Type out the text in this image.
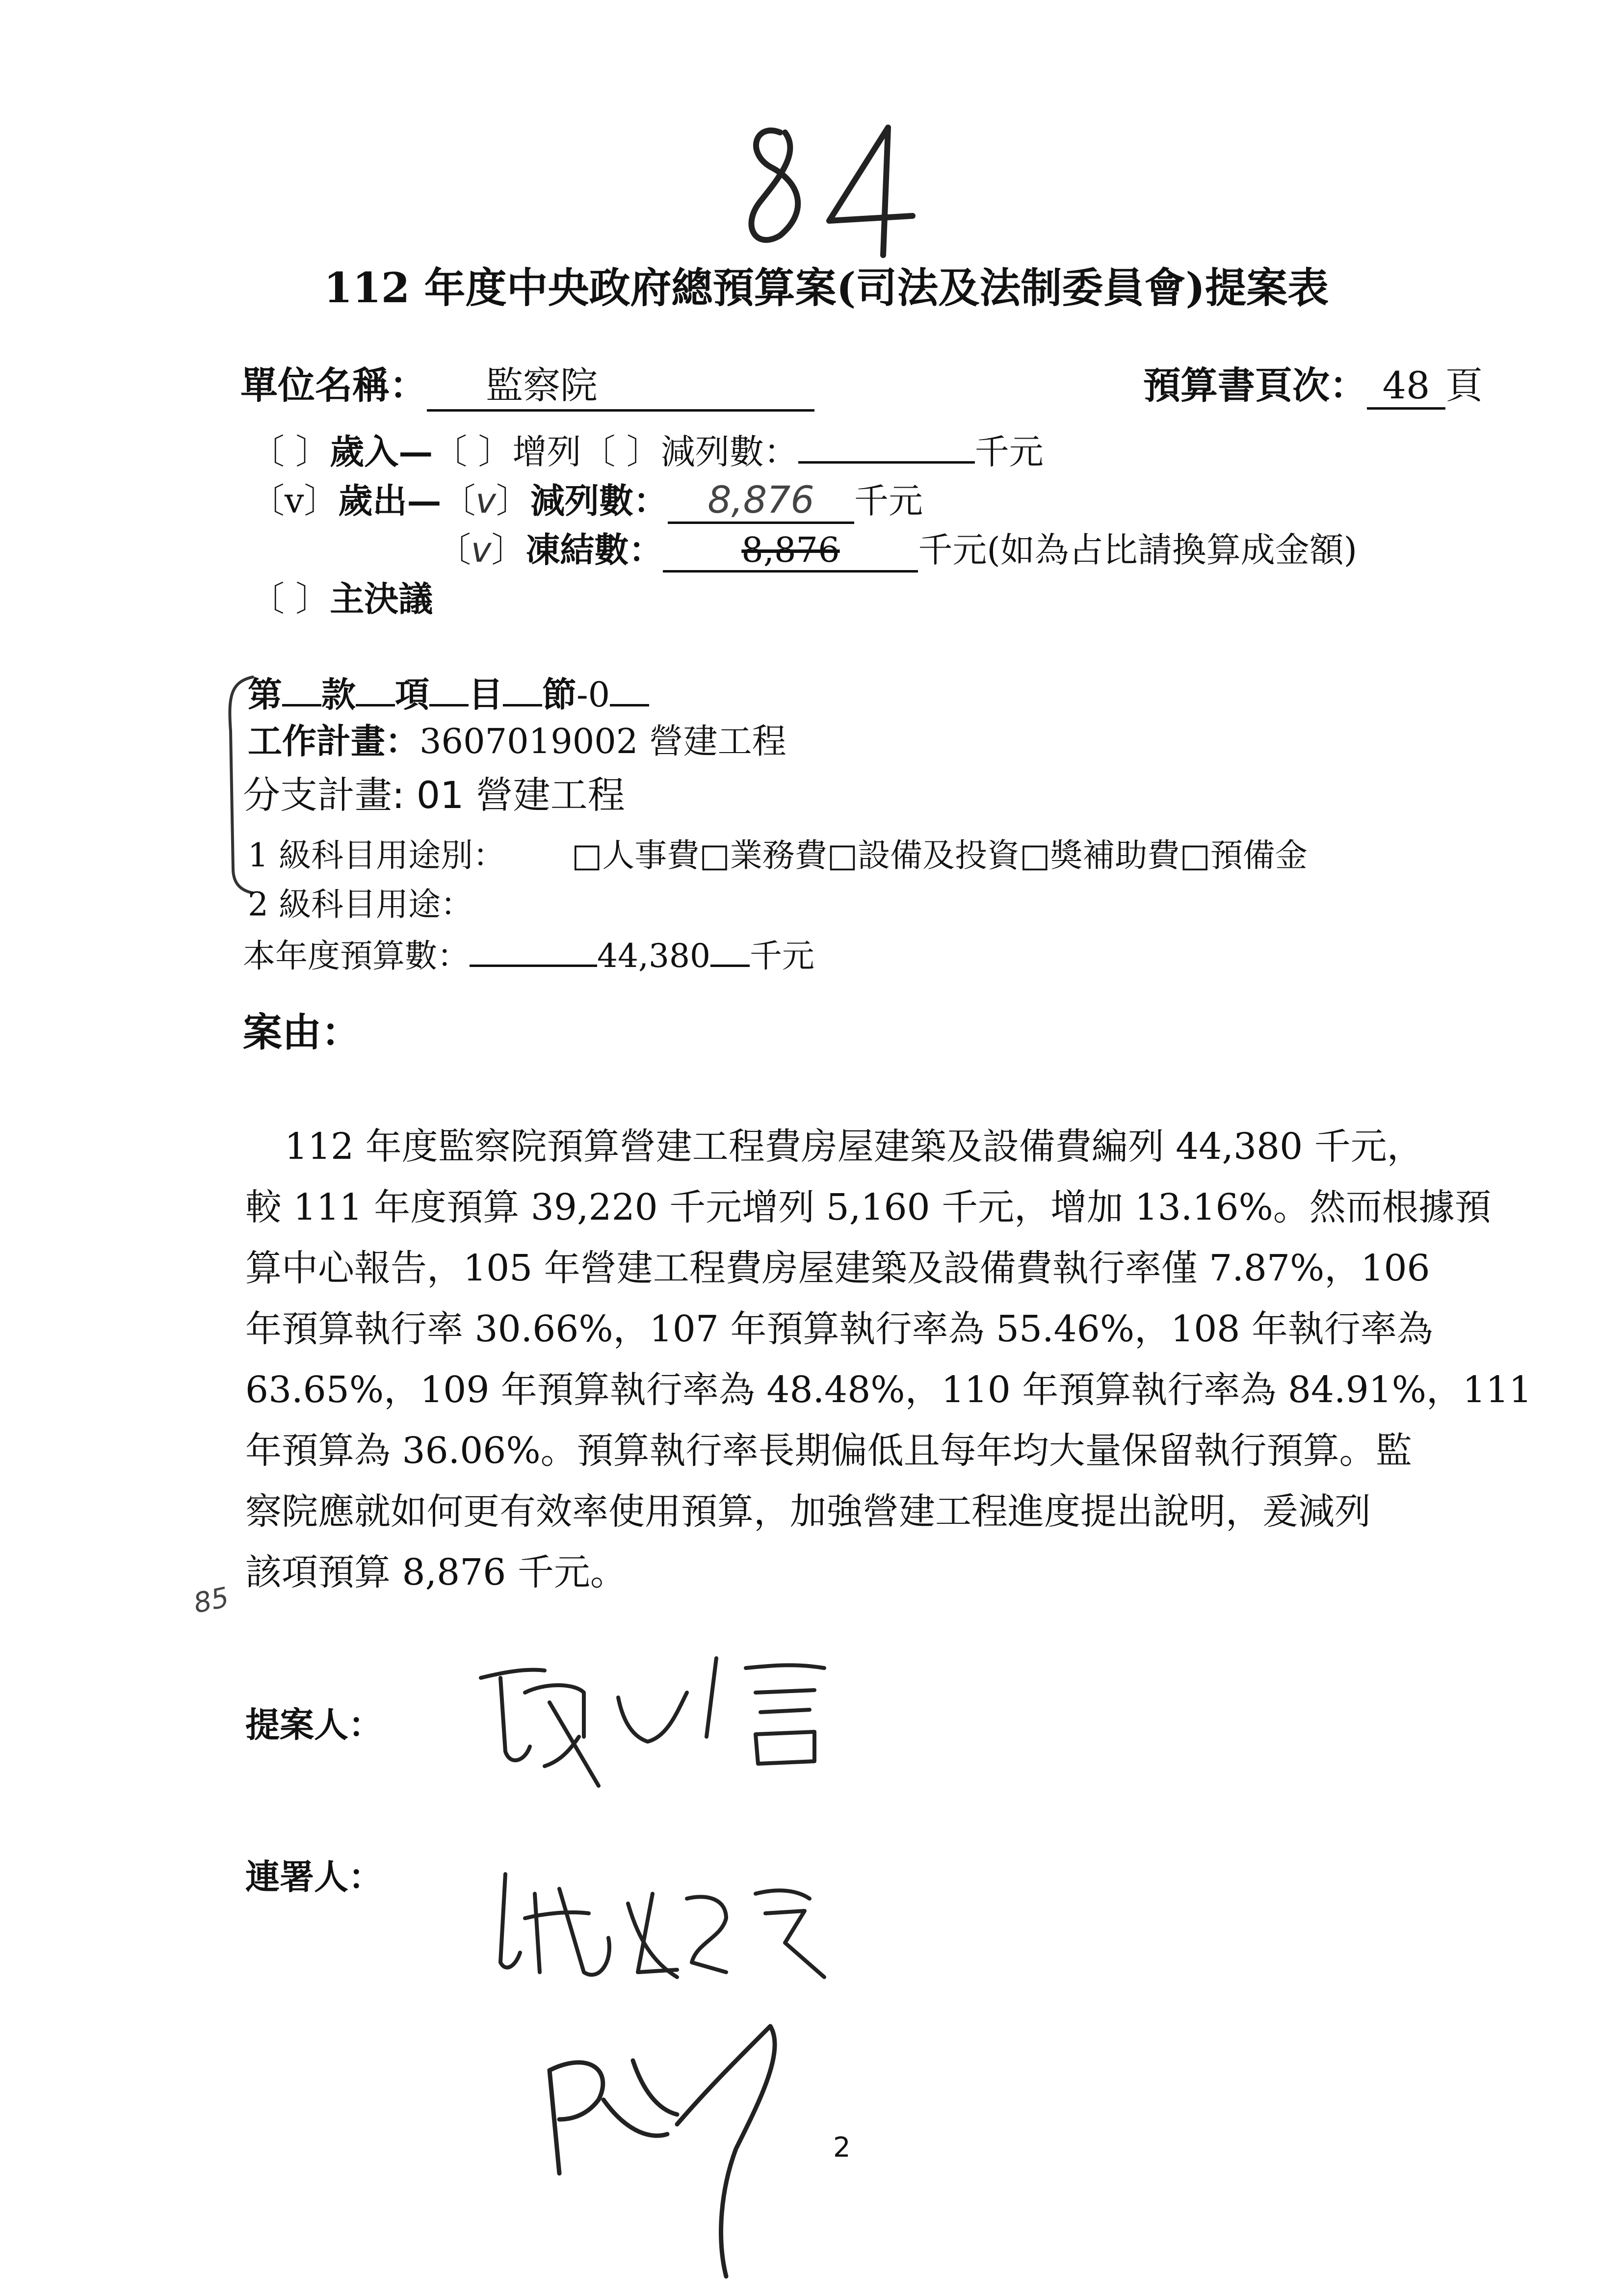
112 年度中央政府總預算案(司法及法制委員會)提案表
單位名稱： 監察院	預算書頁次： 48 頁
〔 〕歲入—〔 〕增列〔 〕減列數：	千元
〔v〕歲出—〔v〕減列數： 8,876 千元
〔v〕凍結數： 8,876 千元(如為占比請換算成金額)
〔 〕主決議
第 款 項 目 節-0
工作計畫：3607019002 營建工程
分支計畫: 01 營建工程
1 級科目用途別： □人事費□業務費□設備及投資□獎補助費□預備金
2 級科目用途：
本年度預算數：	44,380 千元
案由：
112 年度監察院預算營建工程費房屋建築及設備費編列 44,380 千元，
較 111 年度預算 39,220 千元增列 5,160 千元，增加 13.16%。然而根據預
算中心報告，105 年營建工程費房屋建築及設備費執行率僅 7.87%，106
年預算執行率 30.66%，107 年預算執行率為 55.46%，108 年執行率為
63.65%，109 年預算執行率為 48.48%，110 年預算執行率為 84.91%，111
年預算為 36.06%。預算執行率長期偏低且每年均大量保留執行預算。監
察院應就如何更有效率使用預算，加強營建工程進度提出說明，爰減列
該項預算 8,876 千元。
85
提案人：
連署人：
2
